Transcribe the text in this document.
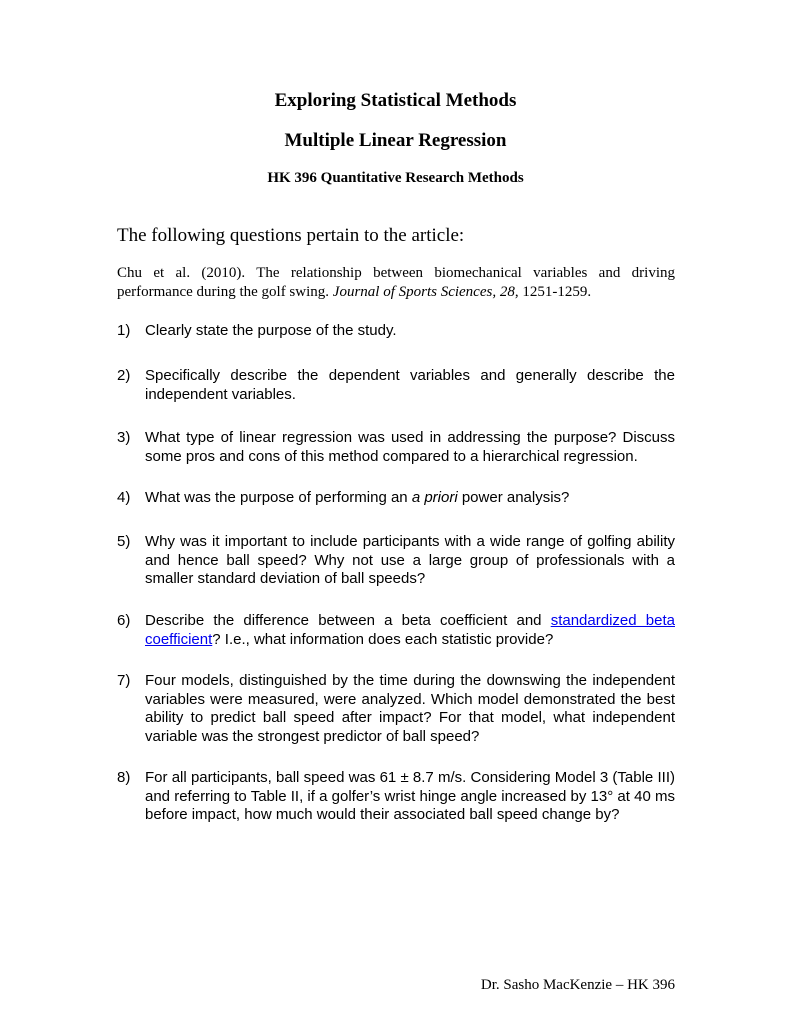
Exploring Statistical Methods
Multiple Linear Regression
HK 396 Quantitative Research Methods
The following questions pertain to the article:
Chu et al. (2010). The relationship between biomechanical variables and driving
performance during the golf swing. Journal of Sports Sciences, 28, 1251-1259.
1) Clearly state the purpose of the study.
2) Specifically describe the dependent variables and generally describe the independent variables.
3) What type of linear regression was used in addressing the purpose? Discuss some pros and cons of this method compared to a hierarchical regression.
4) What was the purpose of performing an a priori power analysis?
5) Why was it important to include participants with a wide range of golfing ability and hence ball speed? Why not use a large group of professionals with a smaller standard deviation of ball speeds?
6) Describe the difference between a beta coefficient and standardized beta coefficient? I.e., what information does each statistic provide?
7) Four models, distinguished by the time during the downswing the independent variables were measured, were analyzed. Which model demonstrated the best ability to predict ball speed after impact? For that model, what independent variable was the strongest predictor of ball speed?
8) For all participants, ball speed was 61 ± 8.7 m/s. Considering Model 3 (Table III) and referring to Table II, if a golfer’s wrist hinge angle increased by 13° at 40 ms before impact, how much would their associated ball speed change by?
Dr. Sasho MacKenzie – HK 396
